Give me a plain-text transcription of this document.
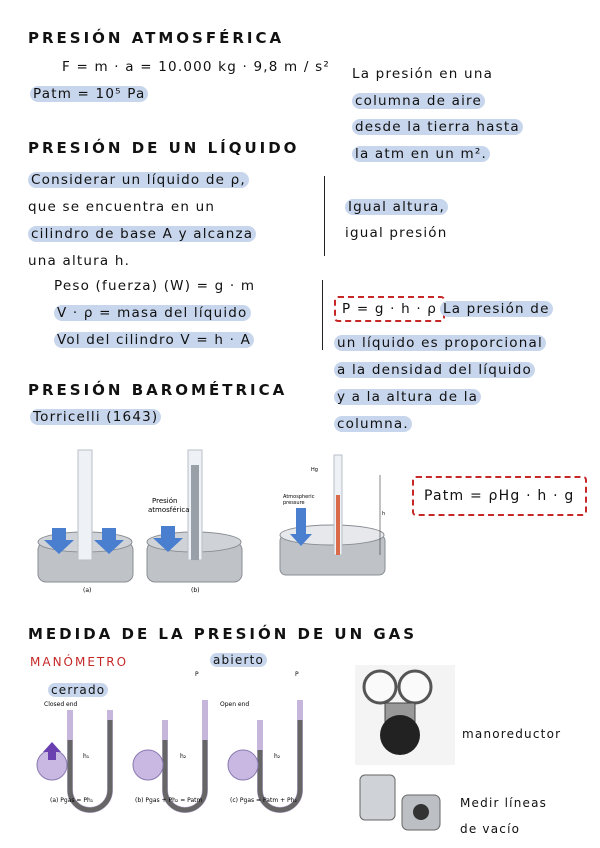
PRESIÓN ATMOSFÉRICA
F = m · a = 10.000 kg · 9,8 m / s²
Patm = 10⁵ Pa
La presión en una
columna de aire
desde la tierra hasta
la atm en un m².
PRESIÓN DE UN LÍQUIDO
Considerar un líquido de ρ,
que se encuentra en un
cilindro de base A y alcanza
una altura h.
Igual altura,
igual presión
Peso (fuerza) (W) = g · m
V · ρ = masa del líquido
Vol del cilindro V = h · A
P = g · h · ρ La presión de
un líquido es proporcional
a la densidad del líquido
y a la altura de la
columna.
PRESIÓN BAROMÉTRICA
Torricelli (1643)
(a)
Presión
atmosférica
(b)
Hg
Atmospheric
pressure
h
Patm = ρHg · h · g
MEDIDA DE LA PRESIÓN DE UN GAS
MANÓMETRO	abierto
cerrado
Closed end
h₁
(a) Pgas = Ph₁
P
Open end
h₂
(b) Pgas + Ph₂ = Patm
P
h₂
(c) Pgas = Patm + Ph₂
manoreductor
Medir líneas
de vacío
